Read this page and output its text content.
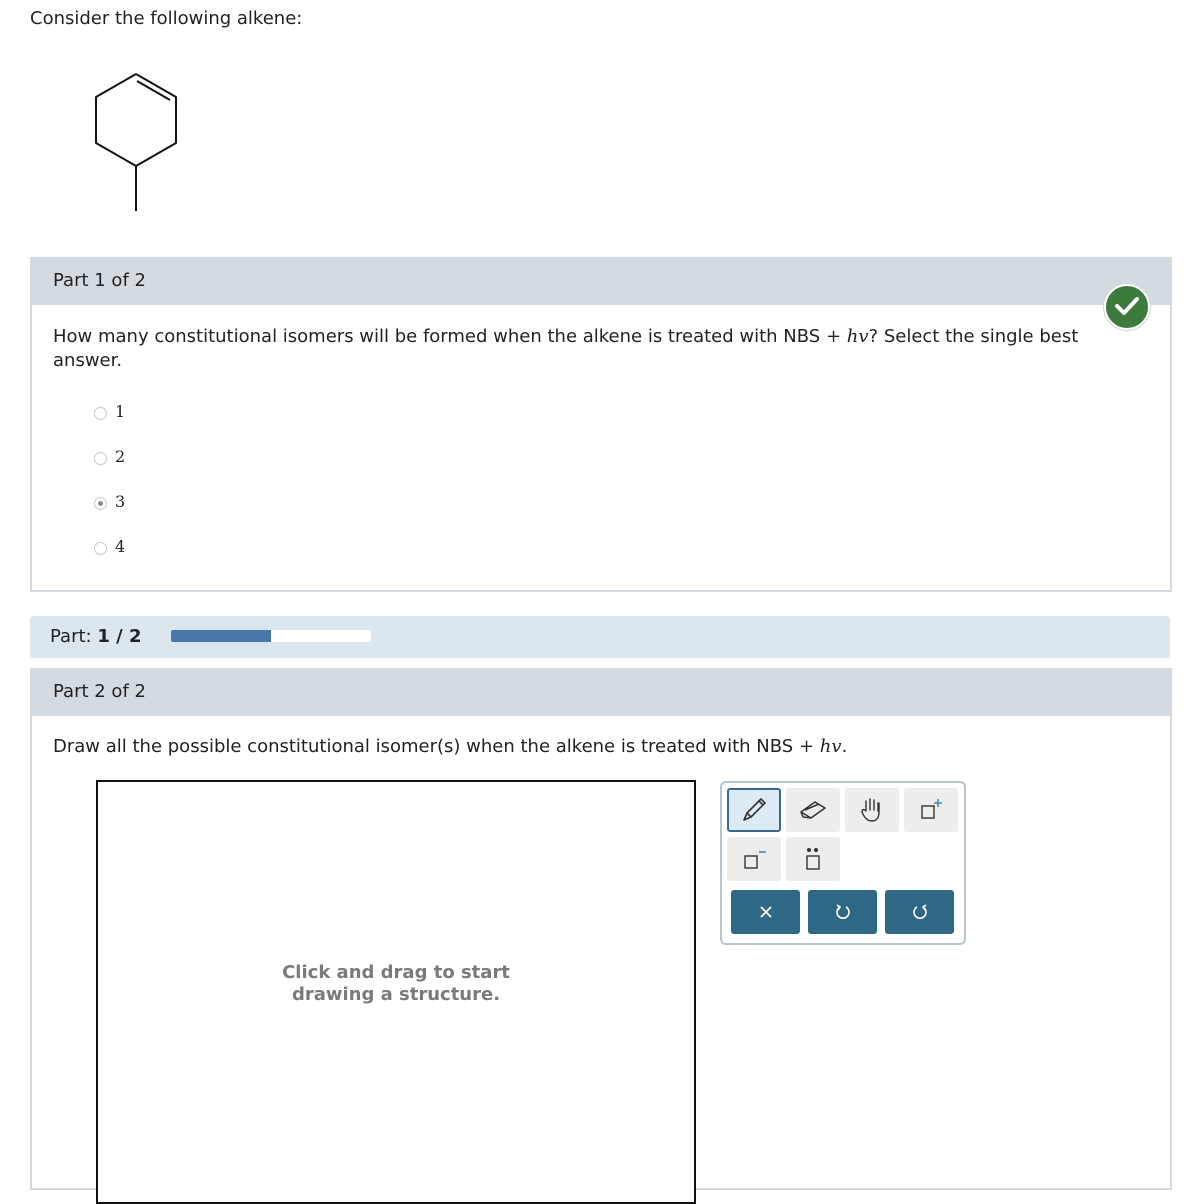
Consider the following alkene:
Part 1 of 2
How many constitutional isomers will be formed when the alkene is treated with NBS + hv? Select the single best answer.
1
2
3
4
Part: 1 / 2
Part 2 of 2
Draw all the possible constitutional isomer(s) when the alkene is treated with NBS + hv.
Click and drag to start
drawing a structure.
